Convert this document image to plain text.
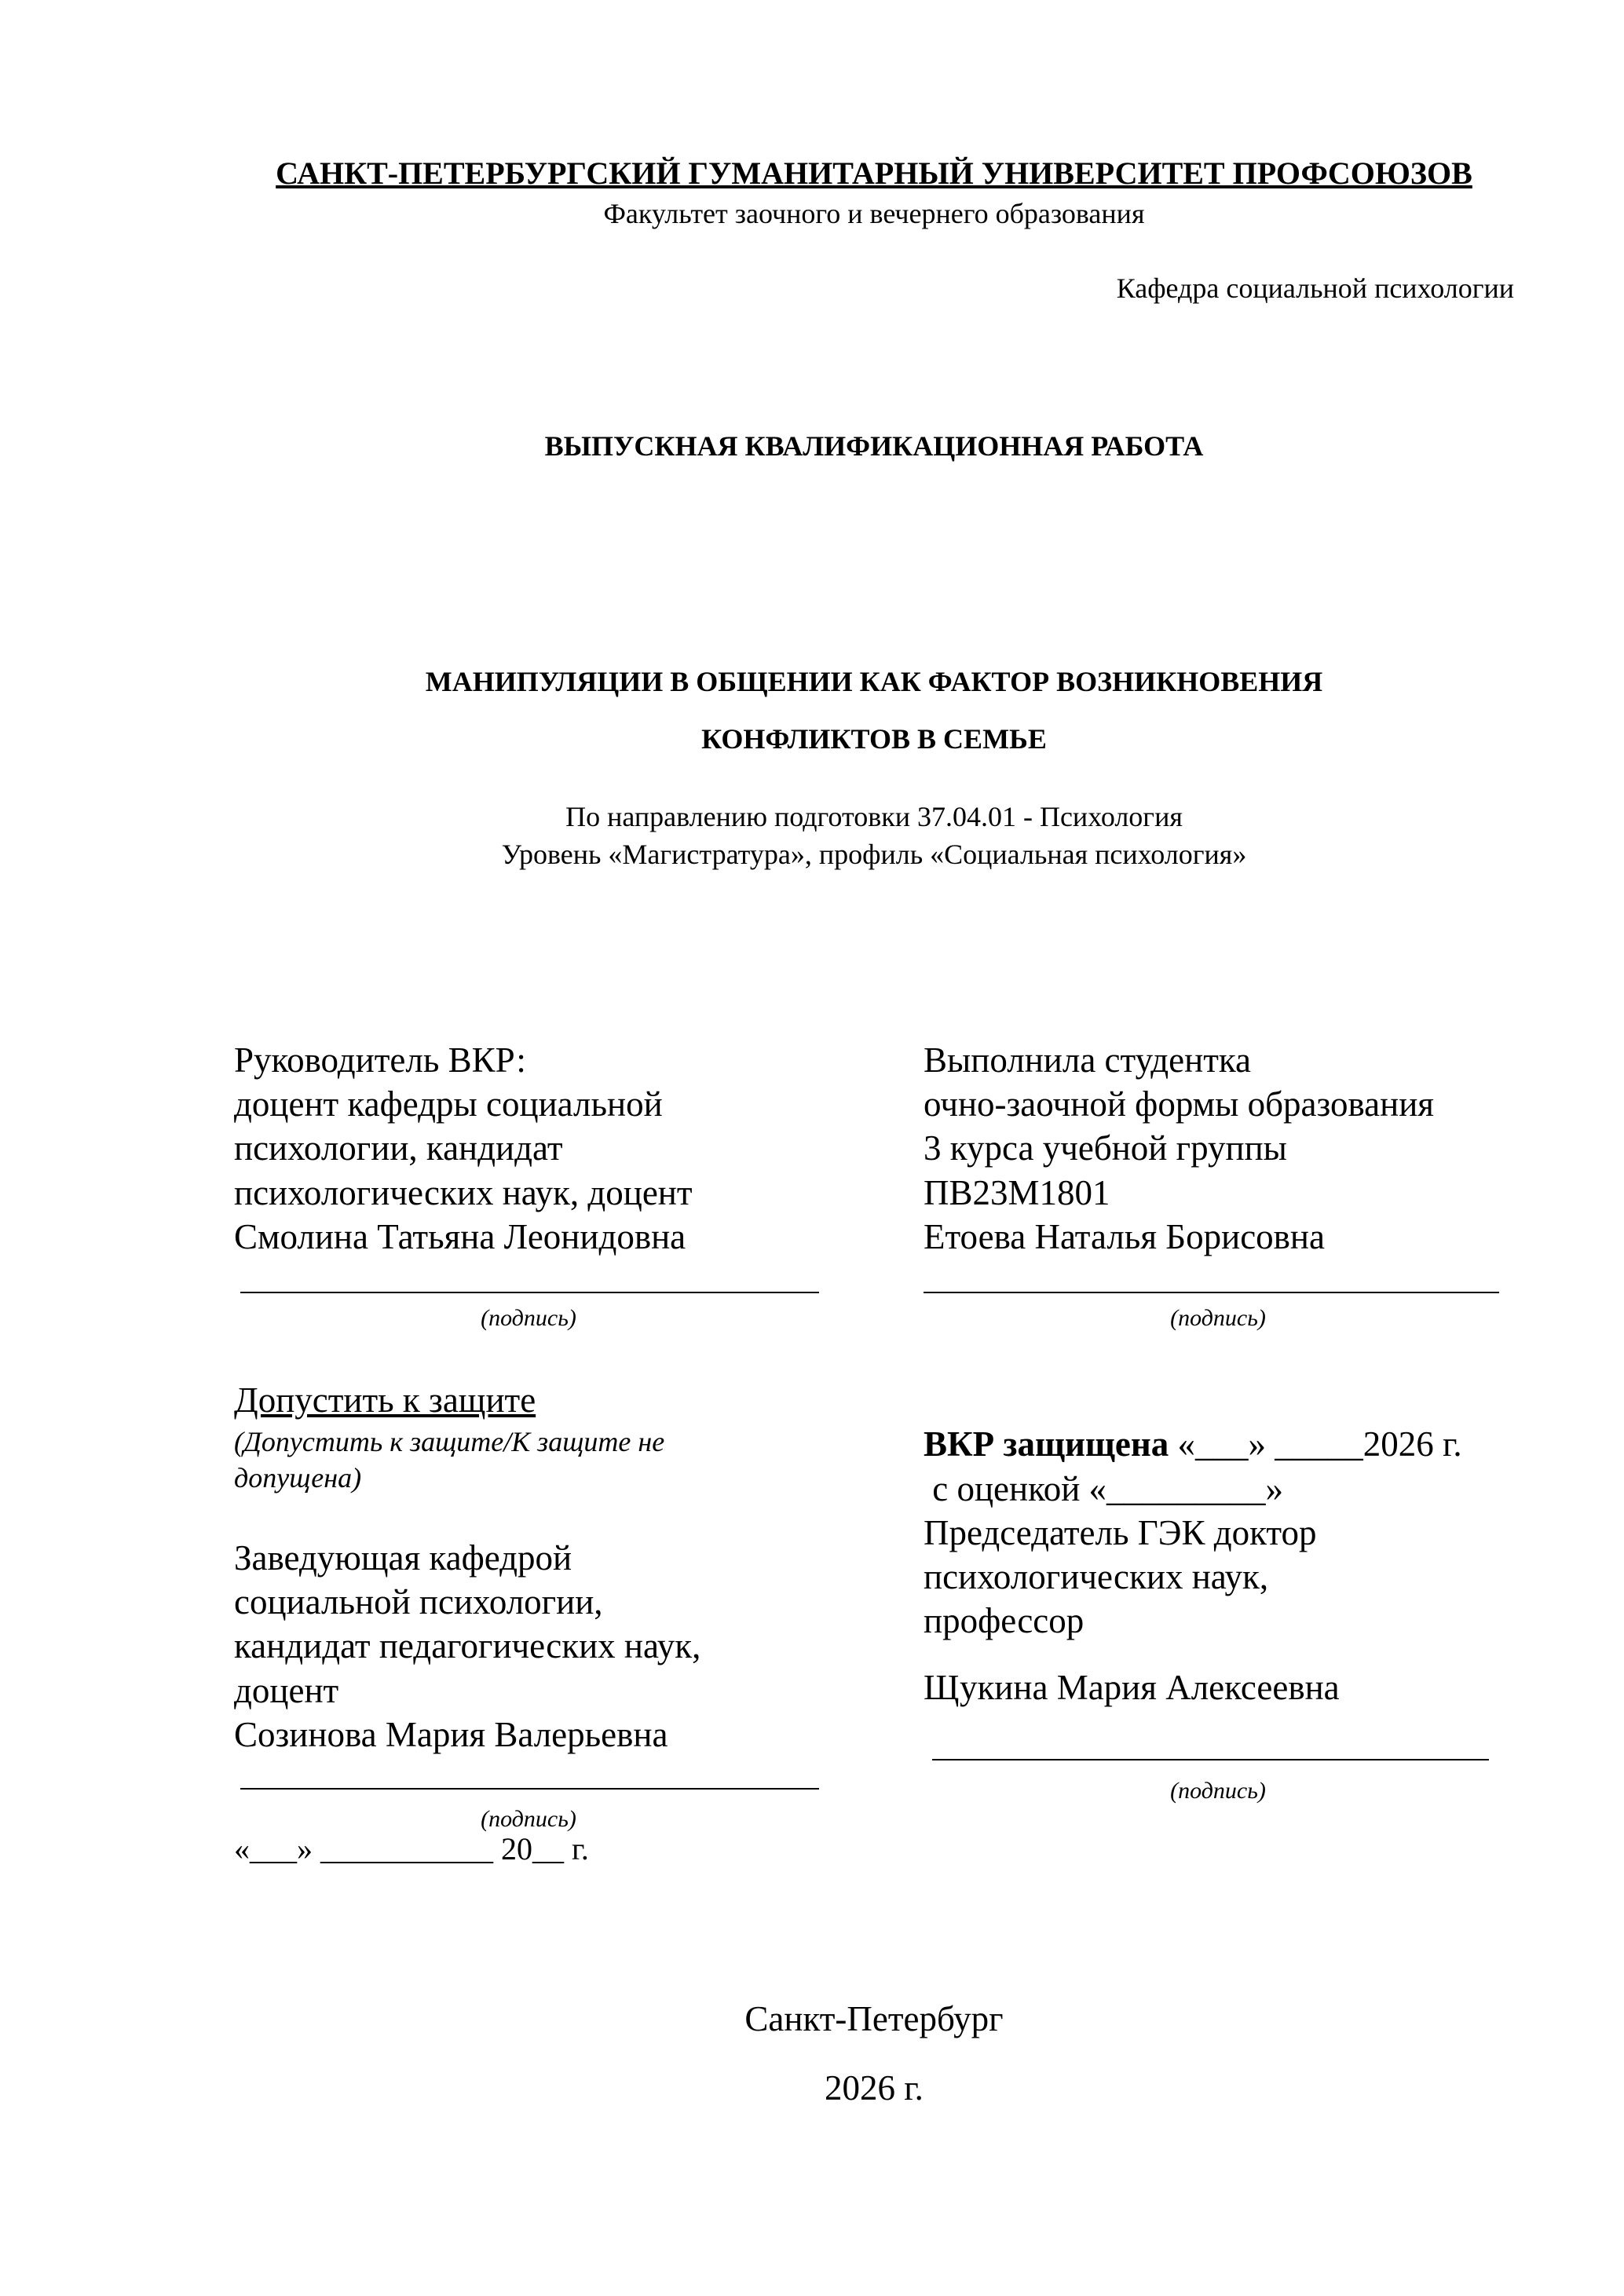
САНКТ-ПЕТЕРБУРГСКИЙ ГУМАНИТАРНЫЙ УНИВЕРСИТЕТ ПРОФСОЮЗОВ
Факультет заочного и вечернего образования
Кафедра социальной психологии
ВЫПУСКНАЯ КВАЛИФИКАЦИОННАЯ РАБОТА
МАНИПУЛЯЦИИ В ОБЩЕНИИ КАК ФАКТОР ВОЗНИКНОВЕНИЯ
КОНФЛИКТОВ В СЕМЬЕ
По направлению подготовки 37.04.01 - Психология
Уровень «Магистратура», профиль «Социальная психология»
Руководитель ВКР:
доцент кафедры социальной
психологии, кандидат
психологических наук, доцент
Смолина Татьяна Леонидовна
(подпись)
Выполнила студентка
очно-заочной формы образования
3 курса учебной группы
ПВ23М1801
Етоева Наталья Борисовна
(подпись)
Допустить к защите
(Допустить к защите/К защите не
допущена)
Заведующая кафедрой
социальной психологии,
кандидат педагогических наук,
доцент
Созинова Мария Валерьевна
(подпись)
«___» ___________ 20__ г.
ВКР защищена «___» _____2026 г.
с оценкой «_________»
Председатель ГЭК доктор
психологических наук,
профессор
Щукина Мария Алексеевна
(подпись)
Санкт-Петербург
2026 г.
